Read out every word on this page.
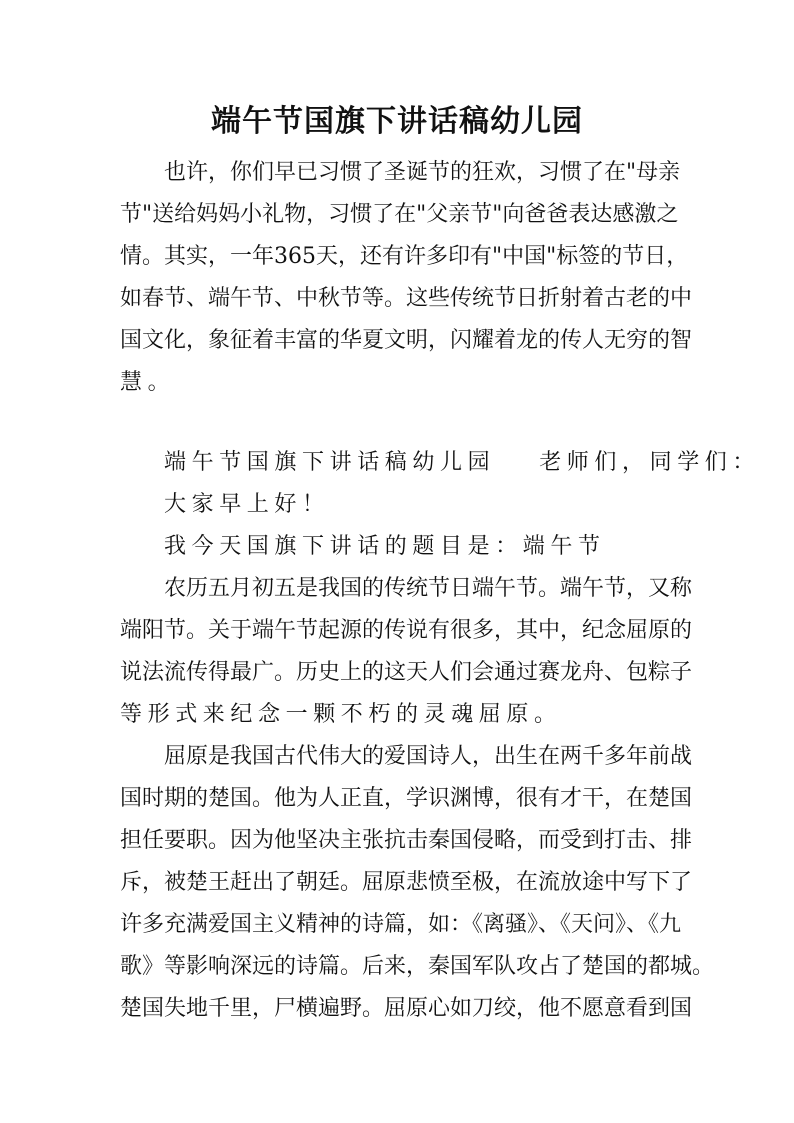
端午节国旗下讲话稿幼儿园
也许，你们早已习惯了圣诞节的狂欢，习惯了在"母亲
节"送给妈妈小礼物，习惯了在"父亲节"向爸爸表达感激之
情。其实，一年365天，还有许多印有"中国"标签的节日，
如春节、端午节、中秋节等。这些传统节日折射着古老的中
国文化，象征着丰富的华夏文明，闪耀着龙的传人无穷的智
慧。
端午节国旗下讲话稿幼儿园 老师们，同学们：
大家早上好！
我今天国旗下讲话的题目是：端午节
农历五月初五是我国的传统节日端午节。端午节，又称
端阳节。关于端午节起源的传说有很多，其中，纪念屈原的
说法流传得最广。历史上的这天人们会通过赛龙舟、包粽子
等形式来纪念一颗不朽的灵魂屈原。
屈原是我国古代伟大的爱国诗人，出生在两千多年前战
国时期的楚国。他为人正直，学识渊博，很有才干，在楚国
担任要职。因为他坚决主张抗击秦国侵略，而受到打击、排
斥，被楚王赶出了朝廷。屈原悲愤至极，在流放途中写下了
许多充满爱国主义精神的诗篇，如：《离骚》、《天问》、《九
歌》等影响深远的诗篇。后来，秦国军队攻占了楚国的都城。
楚国失地千里，尸横遍野。屈原心如刀绞，他不愿意看到国
